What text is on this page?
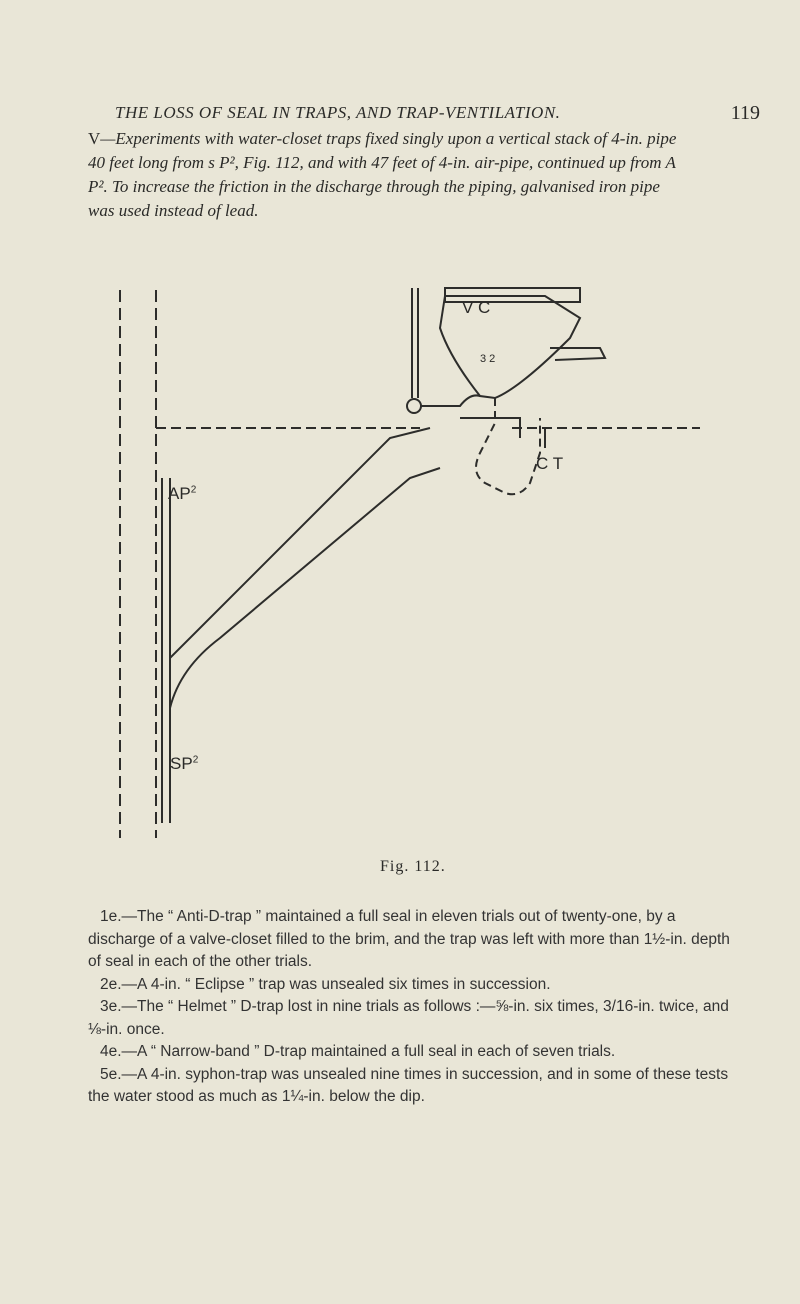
THE LOSS OF SEAL IN TRAPS, AND TRAP-VENTILATION.	119
V—Experiments with water-closet traps fixed singly upon a vertical stack of 4-in. pipe 40 feet long from s P², Fig. 112, and with 47 feet of 4-in. air-pipe, continued up from A P². To increase the friction in the discharge through the piping, galvanised iron pipe was used instead of lead.
V C
C T
$AP^2$
$SP^2$
3 2
Fig. 112.

1e.—The “ Anti-D-trap ” maintained a full seal in eleven trials out of twenty-one, by a discharge of a valve-closet filled to the brim, and the trap was left with more than 1½-in. depth of seal in each of the other trials.

2e.—A 4-in. “ Eclipse ” trap was unsealed six times in succession.

3e.—The “ Helmet ” D-trap lost in nine trials as follows :—⅝-in. six times, 3/16-in. twice, and ⅛-in. once.

4e.—A “ Narrow-band ” D-trap maintained a full seal in each of seven trials.

5e.—A 4-in. syphon-trap was unsealed nine times in succession, and in some of these tests the water stood as much as 1¼-in. below the dip.
